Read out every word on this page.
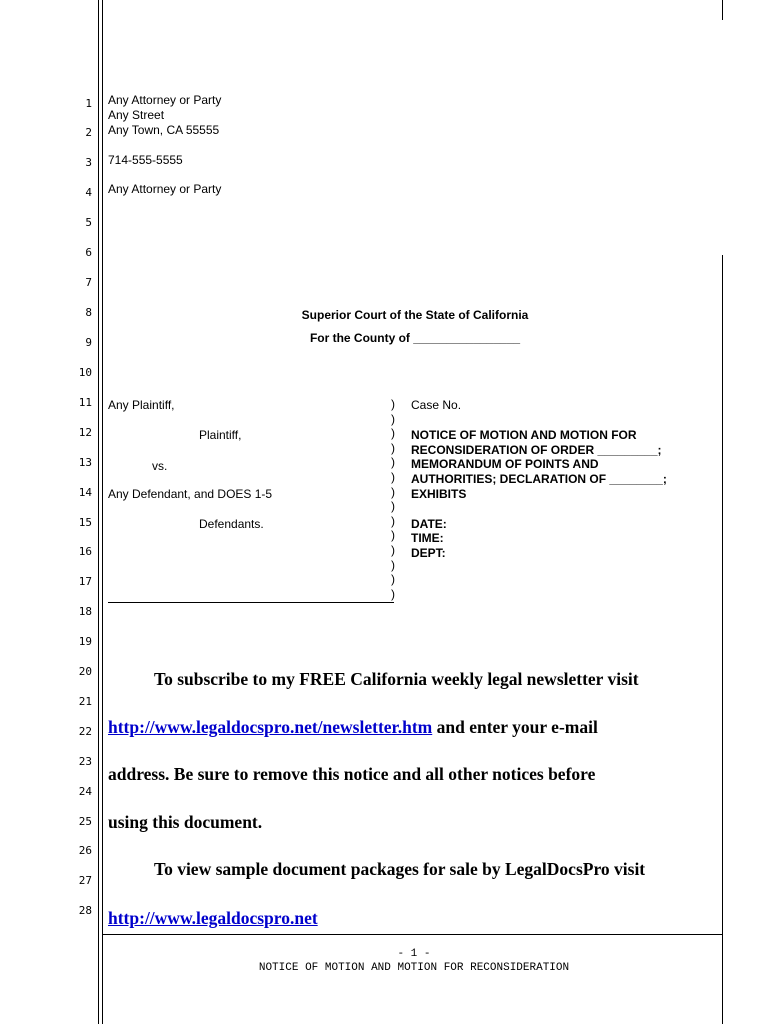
1
2
3
4
5
6
7
8
9
10
11
12
13
14
15
16
17
18
19
20
21
22
23
24
25
26
27
28
Any Attorney or Party
Any Street
Any Town, CA 55555
714-555-5555
Any Attorney or Party
Superior Court of the State of California
For the County of ________________
Any Plaintiff,
Plaintiff,
vs.
Any Defendant, and DOES 1-5
Defendants.
)
)
)
)
)
)
)
)
)
)
)
)
)
)
Case No.
NOTICE OF MOTION AND MOTION FOR
RECONSIDERATION OF ORDER _________;
MEMORANDUM OF POINTS AND
AUTHORITIES; DECLARATION OF ________;
EXHIBITS
DATE:
TIME:
DEPT:
To subscribe to my FREE California weekly legal newsletter visit
http://www.legaldocspro.net/newsletter.htm and enter your e-mail
address. Be sure to remove this notice and all other notices before
using this document.
To view sample document packages for sale by LegalDocsPro visit
http://www.legaldocspro.net
- 1 -
NOTICE OF MOTION AND MOTION FOR RECONSIDERATION
